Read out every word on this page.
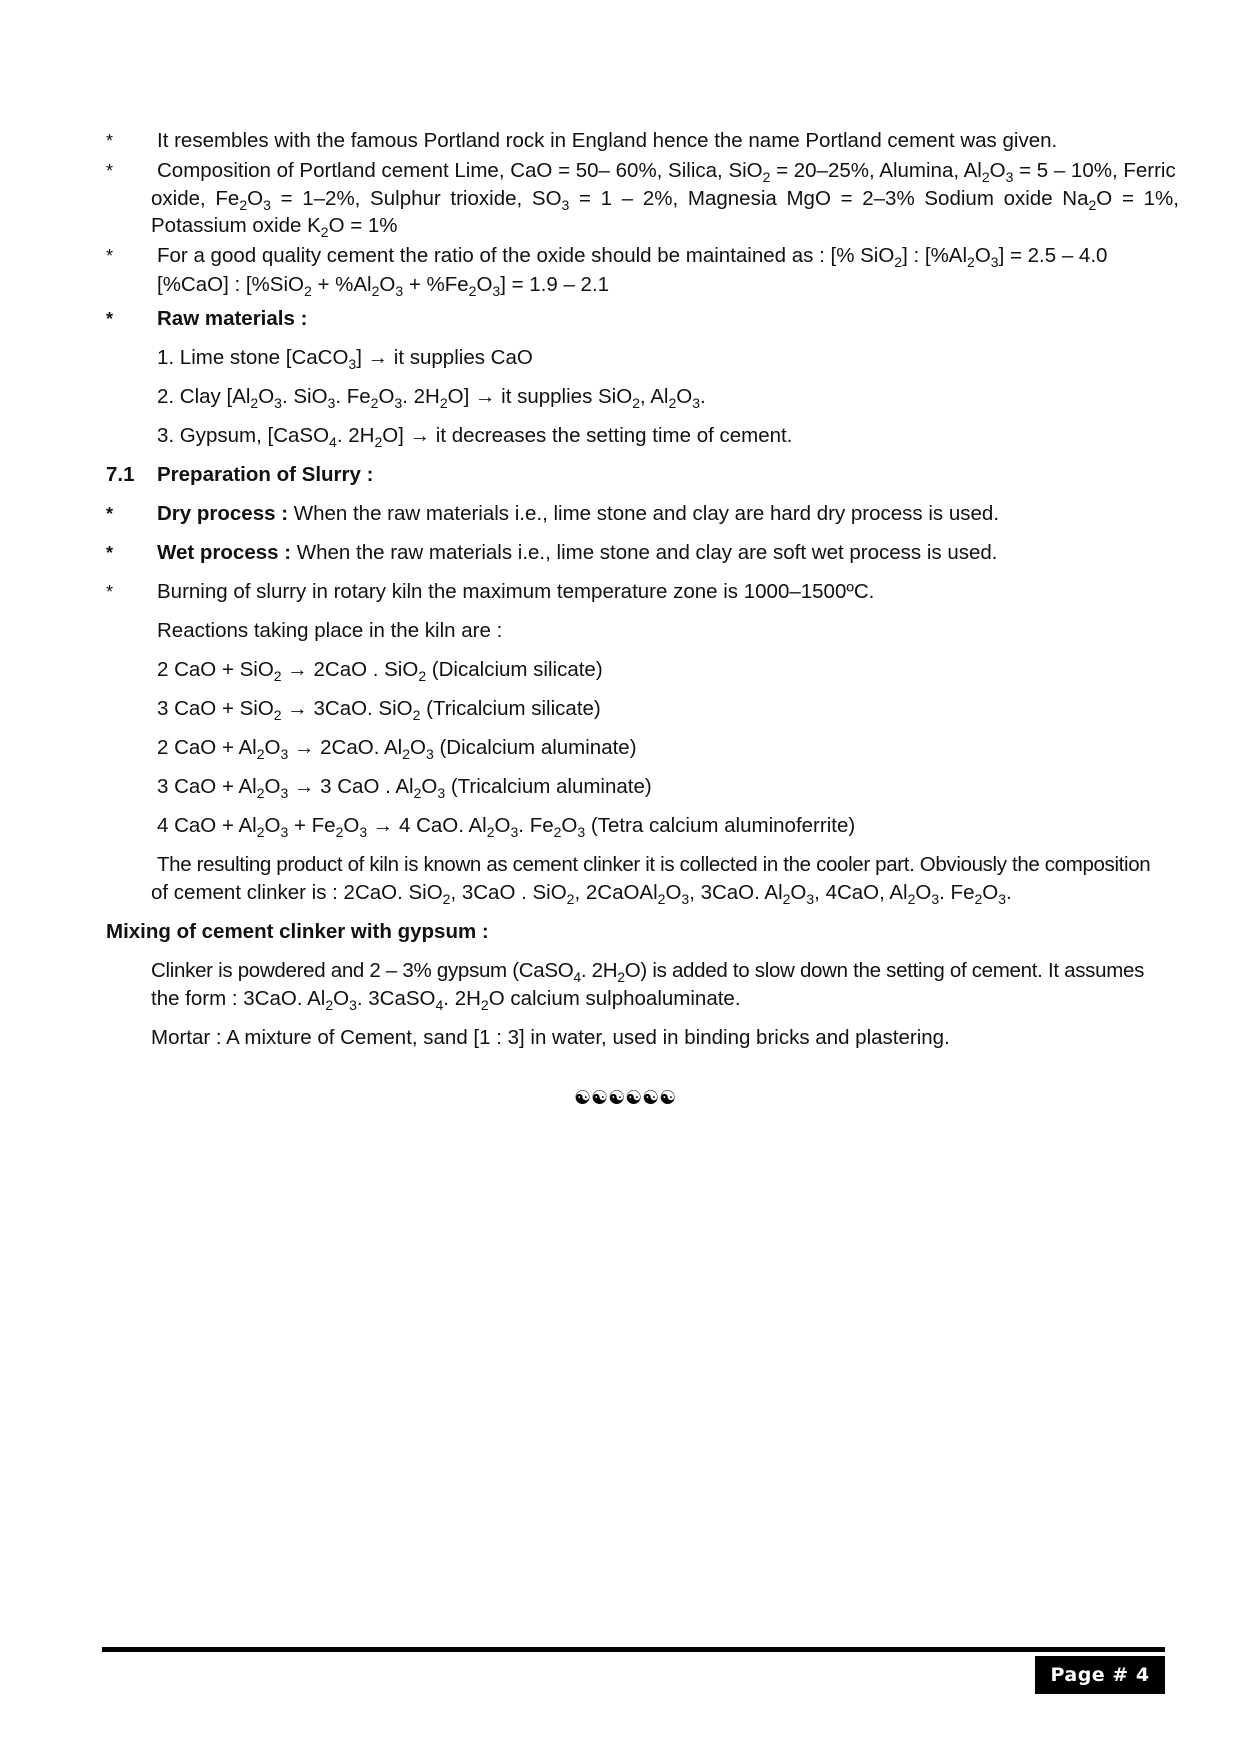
* It resembles with the famous Portland rock in England hence the name Portland cement was given.
* Composition of Portland cement Lime, CaO = 50– 60%, Silica, SiO$_2$ = 20–25%, Alumina, $Al_2O_3 = 5 - 10\%$, Ferric
oxide, $Fe_2O_3 = 1-2\%$, Sulphur trioxide, $SO_3 = 1 - 2\%$, Magnesia MgO = 2–3% Sodium oxide $Na_2O = 1\%$,
Potassium oxide $K_2O = 1\%$
* For a good quality cement the ratio of the oxide should be maintained as : [% SiO$_2$] : $[\%Al_2O_3] = 2.5 - 4.0$
[%CaO] : $[\%SiO_2 + \%Al_2O_3 + \%Fe_2O_3] = 1.9 - 2.1$
* Raw materials :
1. Lime stone [CaCO$_3$] → it supplies CaO
2. Clay [$Al_2O_3$. SiO$_3$. $Fe_2O_3$. $2H_2O$] → it supplies SiO$_2$, $Al_2O_3$.
3. Gypsum, [CaSO$_4$. $2H_2O$] → it decreases the setting time of cement.
7.1 Preparation of Slurry :
* Dry process : When the raw materials i.e., lime stone and clay are hard dry process is used.
* Wet process : When the raw materials i.e., lime stone and clay are soft wet process is used.
* Burning of slurry in rotary kiln the maximum temperature zone is 1000–1500ºC.
Reactions taking place in the kiln are :
2 CaO + SiO$_2$ → 2CaO . SiO$_2$ (Dicalcium silicate)
3 CaO + SiO$_2$ → 3CaO. SiO$_2$ (Tricalcium silicate)
2 CaO + $Al_2O_3 \to 2CaO$. $Al_2O_3$ (Dicalcium aluminate)
3 CaO + $Al_2O_3 \to 3$ CaO . $Al_2O_3$ (Tricalcium aluminate)
4 CaO + $Al_2O_3 + Fe_2O_3 \to 4$ CaO. $Al_2O_3$. $Fe_2O_3$ (Tetra calcium aluminoferrite)
The resulting product of kiln is known as cement clinker it is collected in the cooler part. Obviously the composition
of cement clinker is : 2CaO. SiO$_2$, 3CaO . SiO$_2$, $2CaOAl_2O_3$, 3CaO. $Al_2O_3$, 4CaO, $Al_2O_3$. $Fe_2O_3$.
Mixing of cement clinker with gypsum :
Clinker is powdered and 2 – 3% gypsum (CaSO$_4$. $2H_2O$) is added to slow down the setting of cement. It assumes
the form : 3CaO. $Al_2O_3$. 3CaSO$_4$. $2H_2O$ calcium sulphoaluminate.
Mortar : A mixture of Cement, sand [1 : 3] in water, used in binding bricks and plastering.
☯☯☯☯☯☯
Page # 4
